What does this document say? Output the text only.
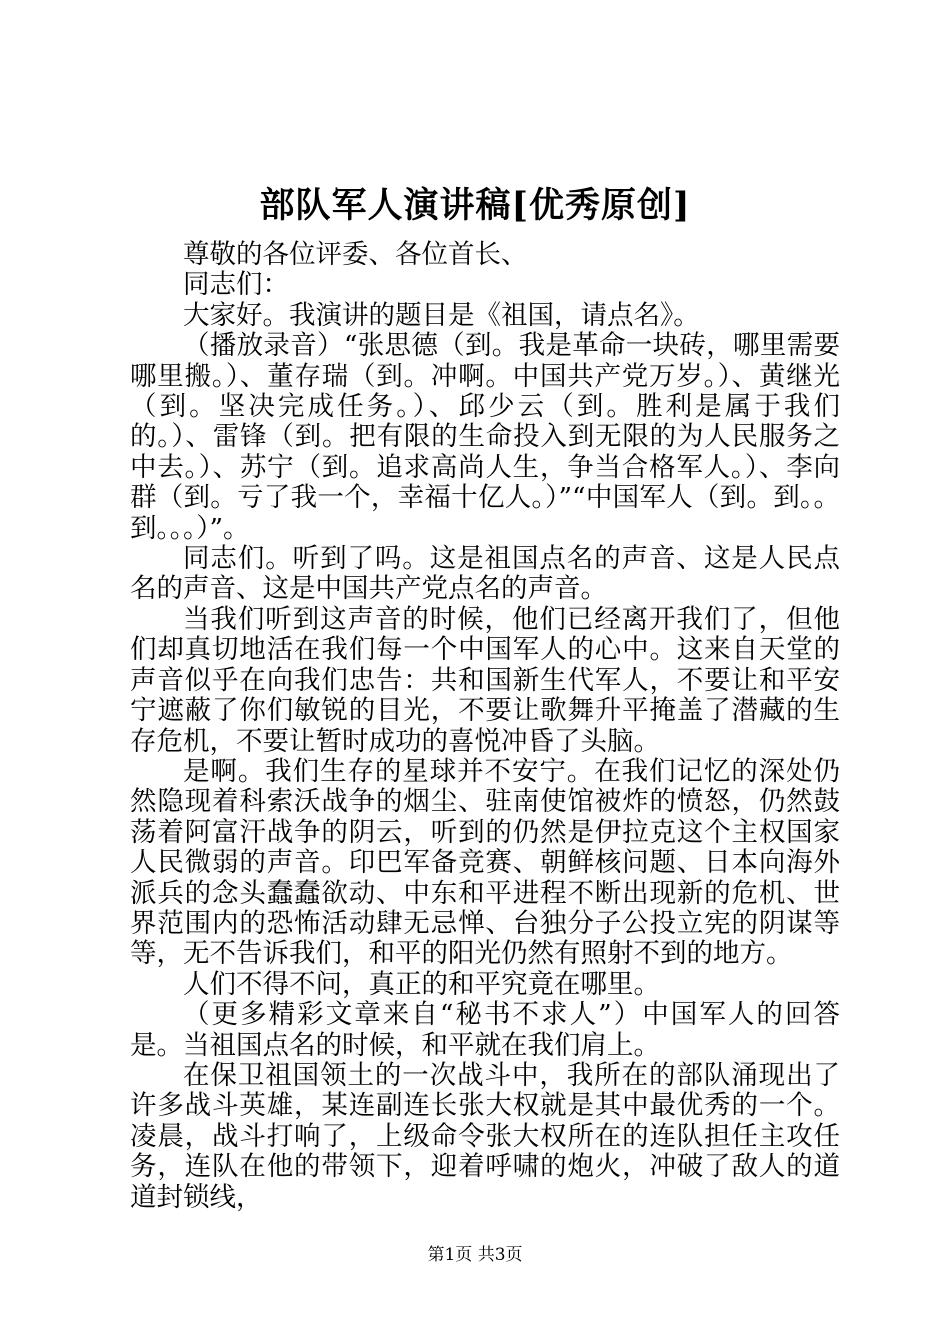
部队军人演讲稿[优秀原创]

尊敬的各位评委、各位首长、

同志们：

大家好。我演讲的题目是《祖国，请点名》。

（播放录音）“张思德（到。我是革命一块砖，哪里需要哪里搬。）、董存瑞（到。冲啊。中国共产党万岁。）、黄继光（到。坚决完成任务。）、邱少云（到。胜利是属于我们的。）、雷锋（到。把有限的生命投入到无限的为人民服务之中去。）、苏宁（到。追求高尚人生，争当合格军人。）、李向群（到。亏了我一个，幸福十亿人。）”“中国军人（到。到。。到。。。）”。

同志们。听到了吗。这是祖国点名的声音、这是人民点名的声音、这是中国共产党点名的声音。

当我们听到这声音的时候，他们已经离开我们了，但他们却真切地活在我们每一个中国军人的心中。这来自天堂的声音似乎在向我们忠告：共和国新生代军人，不要让和平安宁遮蔽了你们敏锐的目光，不要让歌舞升平掩盖了潜藏的生存危机，不要让暂时成功的喜悦冲昏了头脑。

是啊。我们生存的星球并不安宁。在我们记忆的深处仍然隐现着科索沃战争的烟尘、驻南使馆被炸的愤怒，仍然鼓荡着阿富汗战争的阴云，听到的仍然是伊拉克这个主权国家人民微弱的声音。印巴军备竞赛、朝鲜核问题、日本向海外派兵的念头蠢蠢欲动、中东和平进程不断出现新的危机、世界范围内的恐怖活动肆无忌惮、台独分子公投立宪的阴谋等等，无不告诉我们，和平的阳光仍然有照射不到的地方。

人们不得不问，真正的和平究竟在哪里。

（更多精彩文章来自“秘书不求人”）中国军人的回答是。当祖国点名的时候，和平就在我们肩上。

在保卫祖国领土的一次战斗中，我所在的部队涌现出了许多战斗英雄，某连副连长张大权就是其中最优秀的一个。凌晨，战斗打响了，上级命令张大权所在的连队担任主攻任务，连队在他的带领下，迎着呼啸的炮火，冲破了敌人的道道封锁线，

第1页 共3页
